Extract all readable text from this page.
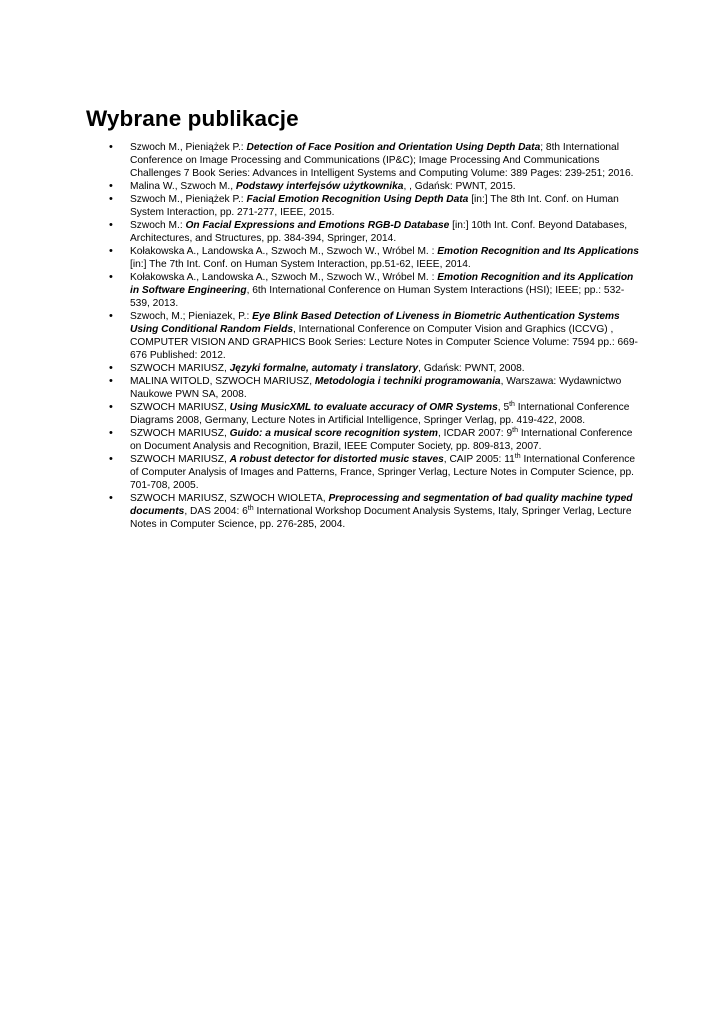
Wybrane publikacje
• Szwoch M., Pieniążek P.: Detection of Face Position and Orientation Using Depth Data; 8th International Conference on Image Processing and Communications (IP&C); Image Processing And Communications Challenges 7 Book Series: Advances in Intelligent Systems and Computing Volume: 389 Pages: 239-251; 2016.
• Malina W., Szwoch M., Podstawy interfejsów użytkownika, , Gdańsk: PWNT, 2015.
• Szwoch M., Pieniążek P.: Facial Emotion Recognition Using Depth Data [in:] The 8th Int. Conf. on Human System Interaction, pp. 271-277, IEEE, 2015.
• Szwoch M.: On Facial Expressions and Emotions RGB-D Database [in:] 10th Int. Conf. Beyond Databases, Architectures, and Structures, pp. 384-394, Springer, 2014.
• Kołakowska A., Landowska A., Szwoch M., Szwoch W., Wróbel M. : Emotion Recognition and Its Applications [in:] The 7th Int. Conf. on Human System Interaction, pp.51-62, IEEE, 2014.
• Kołakowska A., Landowska A., Szwoch M., Szwoch W., Wróbel M. : Emotion Recognition and its Application in Software Engineering, 6th International Conference on Human System Interactions (HSI); IEEE; pp.: 532-539, 2013.
• Szwoch, M.; Pieniazek, P.: Eye Blink Based Detection of Liveness in Biometric Authentication Systems Using Conditional Random Fields, International Conference on Computer Vision and Graphics (ICCVG) , COMPUTER VISION AND GRAPHICS Book Series: Lecture Notes in Computer Science Volume: 7594 pp.: 669-676 Published: 2012.
• SZWOCH MARIUSZ, Języki formalne, automaty i translatory, Gdańsk: PWNT, 2008.
• MALINA WITOLD, SZWOCH MARIUSZ, Metodologia i techniki programowania, Warszawa: Wydawnictwo Naukowe PWN SA, 2008.
• SZWOCH MARIUSZ, Using MusicXML to evaluate accuracy of OMR Systems, 5th International Conference Diagrams 2008, Germany, Lecture Notes in Artificial Intelligence, Springer Verlag, pp. 419-422, 2008.
• SZWOCH MARIUSZ, Guido: a musical score recognition system, ICDAR 2007: 9th International Conference on Document Analysis and Recognition, Brazil, IEEE Computer Society, pp. 809-813, 2007.
• SZWOCH MARIUSZ, A robust detector for distorted music staves, CAIP 2005: 11th International Conference of Computer Analysis of Images and Patterns, France, Springer Verlag, Lecture Notes in Computer Science, pp. 701-708, 2005.
• SZWOCH MARIUSZ, SZWOCH WIOLETA, Preprocessing and segmentation of bad quality machine typed documents, DAS 2004: 6th International Workshop Document Analysis Systems, Italy, Springer Verlag, Lecture Notes in Computer Science, pp. 276-285, 2004.
